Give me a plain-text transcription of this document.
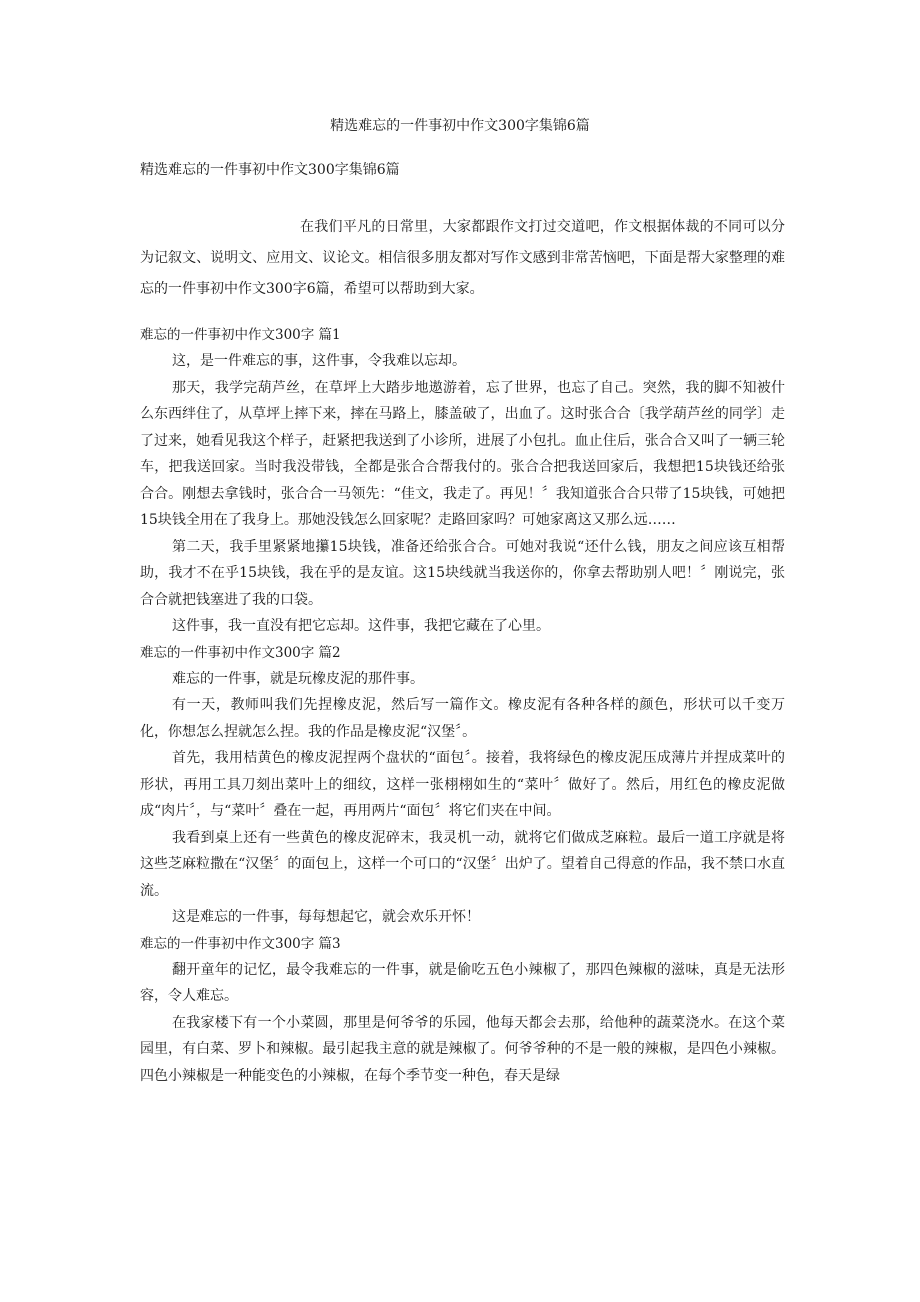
精选难忘的一件事初中作文300字集锦6篇
精选难忘的一件事初中作文300字集锦6篇

在我们平凡的日常里，大家都跟作文打过交道吧，作文根据体裁的不同可以分为记叙文、说明文、应用文、议论文。相信很多朋友都对写作文感到非常苦恼吧，下面是帮大家整理的难忘的一件事初中作文300字6篇，希望可以帮助到大家。

难忘的一件事初中作文300字 篇1

这，是一件难忘的事，这件事，令我难以忘却。

那天，我学完葫芦丝，在草坪上大踏步地遨游着，忘了世界，也忘了自己。突然，我的脚不知被什么东西绊住了，从草坪上摔下来，摔在马路上，膝盖破了，出血了。这时张合合〔我学葫芦丝的同学〕走了过来，她看见我这个样子，赶紧把我送到了小诊所，进展了小包扎。血止住后，张合合又叫了一辆三轮车，把我送回家。当时我没带钱，全都是张合合帮我付的。张合合把我送回家后，我想把15块钱还给张合合。刚想去拿钱时，张合合一马领先：“佳文，我走了。再见！〞我知道张合合只带了15块钱，可她把15块钱全用在了我身上。那她没钱怎么回家呢？走路回家吗？可她家离这又那么远……

第二天，我手里紧紧地攥15块钱，准备还给张合合。可她对我说“还什么钱，朋友之间应该互相帮助，我才不在乎15块钱，我在乎的是友谊。这15块线就当我送你的，你拿去帮助别人吧！〞刚说完，张合合就把钱塞进了我的口袋。

这件事，我一直没有把它忘却。这件事，我把它藏在了心里。

难忘的一件事初中作文300字 篇2

难忘的一件事，就是玩橡皮泥的那件事。

有一天，教师叫我们先捏橡皮泥，然后写一篇作文。橡皮泥有各种各样的颜色，形状可以千变万化，你想怎么捏就怎么捏。我的作品是橡皮泥“汉堡〞。

首先，我用桔黄色的橡皮泥捏两个盘状的“面包〞。接着，我将绿色的橡皮泥压成薄片并捏成菜叶的形状，再用工具刀刻出菜叶上的细纹，这样一张栩栩如生的“菜叶〞做好了。然后，用红色的橡皮泥做成“肉片〞，与“菜叶〞叠在一起，再用两片“面包〞将它们夹在中间。

我看到桌上还有一些黄色的橡皮泥碎末，我灵机一动，就将它们做成芝麻粒。最后一道工序就是将这些芝麻粒撒在“汉堡〞的面包上，这样一个可口的“汉堡〞出炉了。望着自己得意的作品，我不禁口水直流。

这是难忘的一件事，每每想起它，就会欢乐开怀！

难忘的一件事初中作文300字 篇3

翻开童年的记忆，最令我难忘的一件事，就是偷吃五色小辣椒了，那四色辣椒的滋味，真是无法形容，令人难忘。

在我家楼下有一个小菜圆，那里是何爷爷的乐园，他每天都会去那，给他种的蔬菜浇水。在这个菜园里，有白菜、罗卜和辣椒。最引起我主意的就是辣椒了。何爷爷种的不是一般的辣椒，是四色小辣椒。四色小辣椒是一种能变色的小辣椒，在每个季节变一种色，春天是绿
